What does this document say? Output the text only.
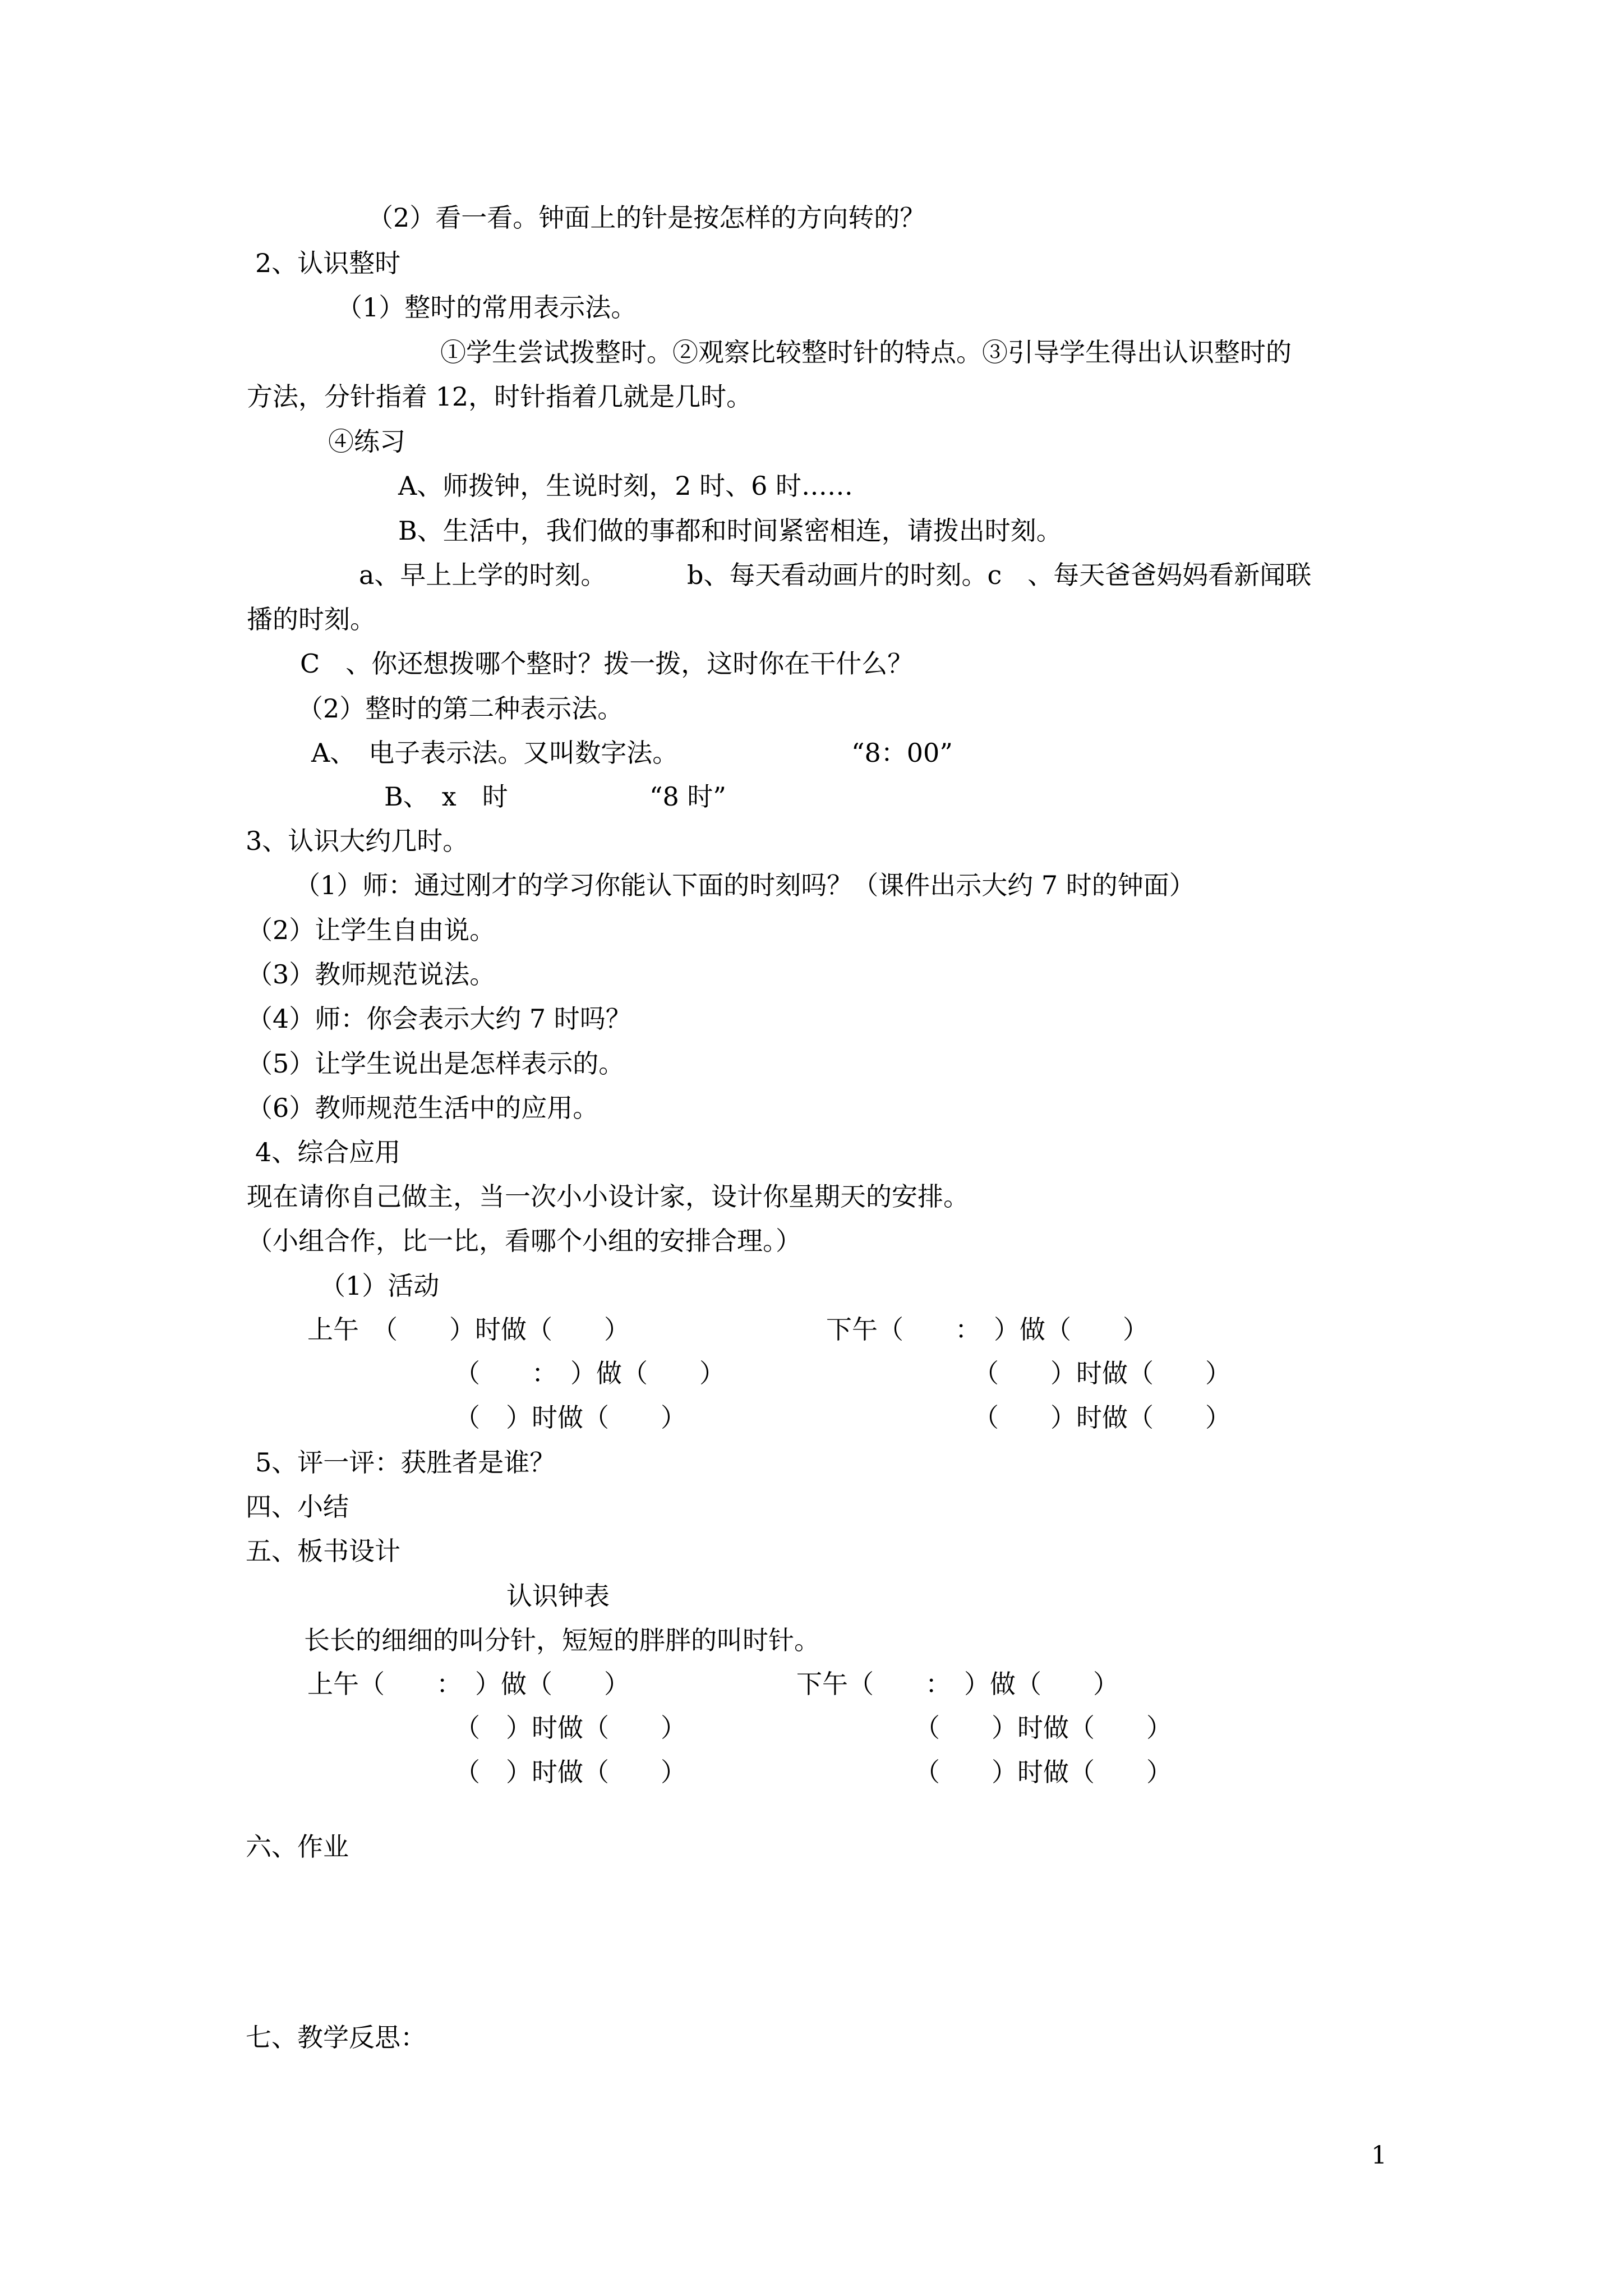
（2）看一看。钟面上的针是按怎样的方向转的？
2、认识整时
（1）整时的常用表示法。
①学生尝试拨整时。②观察比较整时针的特点。③引导学生得出认识整时的
方法，分针指着 12，时针指着几就是几时。
④练习
A、师拨钟，生说时刻，2 时、6 时……
B、生活中，我们做的事都和时间紧密相连，请拨出时刻。
a、早上上学的时刻。	b、每天看动画片的时刻。c　、每天爸爸妈妈看新闻联
播的时刻。
C　、你还想拨哪个整时？拨一拨，这时你在干什么？
（2）整时的第二种表示法。
A、　电子表示法。又叫数字法。	“8：00”
B、　x　时	“8 时”
3、认识大约几时。
（1）师：通过刚才的学习你能认下面的时刻吗？（课件出示大约 7 时的钟面）
（2）让学生自由说。
（3）教师规范说法。
（4）师：你会表示大约 7 时吗？
（5）让学生说出是怎样表示的。
（6）教师规范生活中的应用。
4、综合应用
现在请你自己做主，当一次小小设计家，设计你星期天的安排。
（小组合作，比一比，看哪个小组的安排合理。）
（1）活动
上午　（　　）时做（　　）	下午（　　：　）做（　　）
（　　：　）做（　　）	（　　）时做（　　）
（　）时做（　　）	（　　）时做（　　）
5、评一评：获胜者是谁？
四、小结
五、板书设计
认识钟表
长长的细细的叫分针，短短的胖胖的叫时针。
上午（　　：　）做（　　）	下午（　　：　）做（　　）
（　）时做（　　）	（　　）时做（　　）
（　）时做（　　）	（　　）时做（　　）
六、作业
七、教学反思：
1
